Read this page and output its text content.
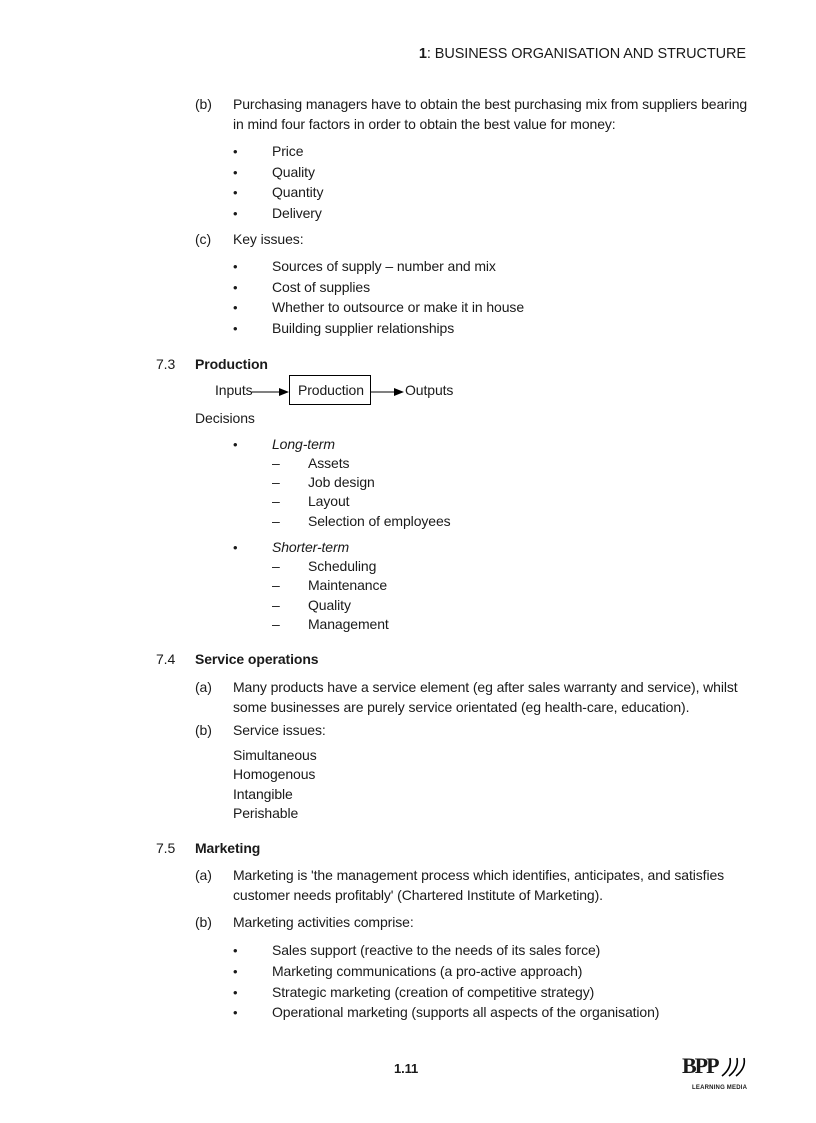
1: BUSINESS ORGANISATION AND STRUCTURE
(b) Purchasing managers have to obtain the best purchasing mix from suppliers bearing
in mind four factors in order to obtain the best value for money:
• Price
• Quality
• Quantity
• Delivery
(c) Key issues:
• Sources of supply – number and mix
• Cost of supplies
• Whether to outsource or make it in house
• Building supplier relationships
7.3 Production
Inputs	Production	Outputs
Decisions
• Long-term
– Assets
– Job design
– Layout
– Selection of employees
• Shorter-term
– Scheduling
– Maintenance
– Quality
– Management
7.4 Service operations
(a) Many products have a service element (eg after sales warranty and service), whilst
some businesses are purely service orientated (eg health-care, education).
(b) Service issues:
Simultaneous
Homogenous
Intangible
Perishable
7.5 Marketing
(a) Marketing is 'the management process which identifies, anticipates, and satisfies
customer needs profitably' (Chartered Institute of Marketing).
(b) Marketing activities comprise:
• Sales support (reactive to the needs of its sales force)
• Marketing communications (a pro-active approach)
• Strategic marketing (creation of competitive strategy)
• Operational marketing (supports all aspects of the organisation)
1.11	BPP
LEARNING MEDIA
